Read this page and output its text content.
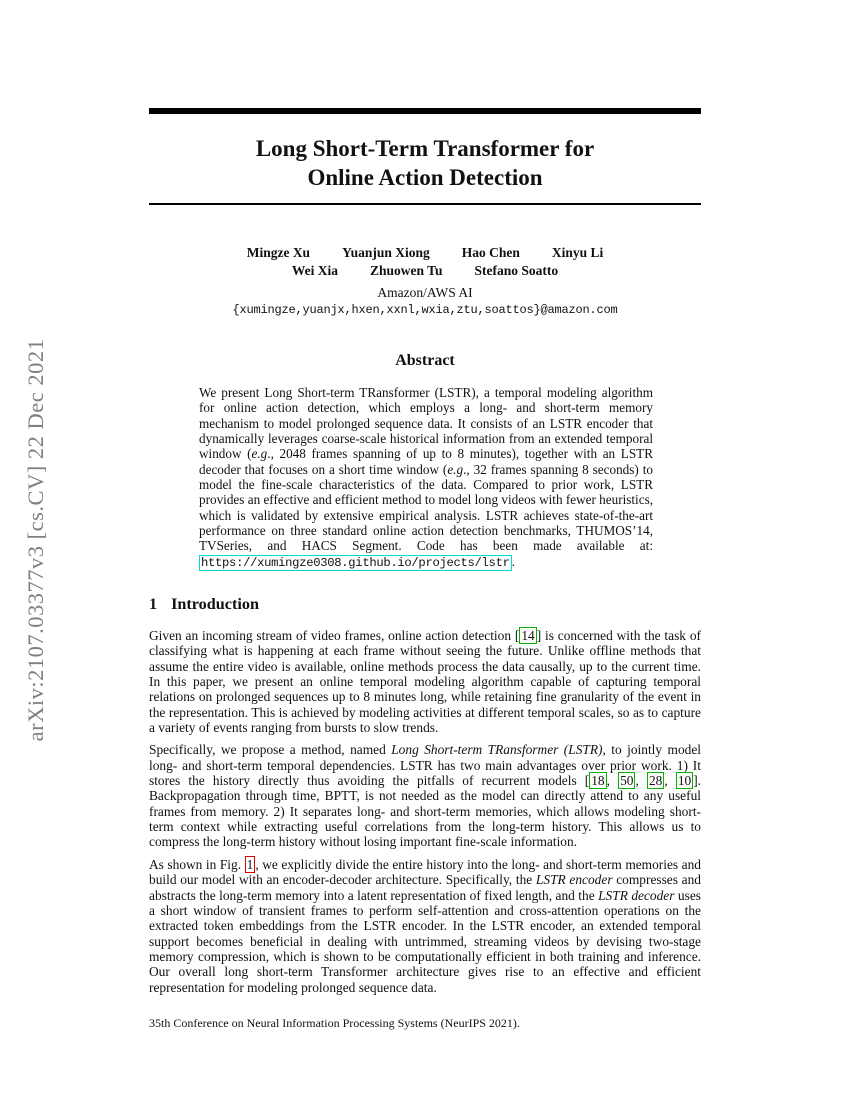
arXiv:2107.03377v3 [cs.CV] 22 Dec 2021
Long Short-Term Transformer for
Online Action Detection
Mingze Xu Yuanjun Xiong Hao Chen Xinyu Li
Wei Xia Zhuowen Tu Stefano Soatto
Amazon/AWS AI
{xumingze,yuanjx,hxen,xxnl,wxia,ztu,soattos}@amazon.com
Abstract
We present Long Short-term TRansformer (LSTR), a temporal modeling algorithm for online action detection, which employs a long- and short-term memory mechanism to model prolonged sequence data. It consists of an LSTR encoder that dynamically leverages coarse-scale historical information from an extended temporal window (e.g., 2048 frames spanning of up to 8 minutes), together with an LSTR decoder that focuses on a short time window (e.g., 32 frames spanning 8 seconds) to model the fine-scale characteristics of the data. Compared to prior work, LSTR provides an effective and efficient method to model long videos with fewer heuristics, which is validated by extensive empirical analysis. LSTR achieves state-of-the-art performance on three standard online action detection benchmarks, THUMOS’14, TVSeries, and HACS Segment. Code has been made available at: https://xumingze0308.github.io/projects/lstr .
1 Introduction

Given an incoming stream of video frames, online action detection [ 14 ] is concerned with the task of classifying what is happening at each frame without seeing the future. Unlike offline methods that assume the entire video is available, online methods process the data causally, up to the current time. In this paper, we present an online temporal modeling algorithm capable of capturing temporal relations on prolonged sequences up to 8 minutes long, while retaining fine granularity of the event in the representation. This is achieved by modeling activities at different temporal scales, so as to capture a variety of events ranging from bursts to slow trends.

Specifically, we propose a method, named Long Short-term TRansformer (LSTR), to jointly model long- and short-term temporal dependencies. LSTR has two main advantages over prior work. 1) It stores the history directly thus avoiding the pitfalls of recurrent models [ 18 , 50 , 28 , 10 ]. Backpropagation through time, BPTT, is not needed as the model can directly attend to any useful frames from memory. 2) It separates long- and short-term memories, which allows modeling short-term context while extracting useful correlations from the long-term history. This allows us to compress the long-term history without losing important fine-scale information.

As shown in Fig. 1 , we explicitly divide the entire history into the long- and short-term memories and build our model with an encoder-decoder architecture. Specifically, the LSTR encoder compresses and abstracts the long-term memory into a latent representation of fixed length, and the LSTR decoder uses a short window of transient frames to perform self-attention and cross-attention operations on the extracted token embeddings from the LSTR encoder. In the LSTR encoder, an extended temporal support becomes beneficial in dealing with untrimmed, streaming videos by devising two-stage memory compression, which is shown to be computationally efficient in both training and inference. Our overall long short-term Transformer architecture gives rise to an effective and efficient representation for modeling prolonged sequence data.

35th Conference on Neural Information Processing Systems (NeurIPS 2021).
